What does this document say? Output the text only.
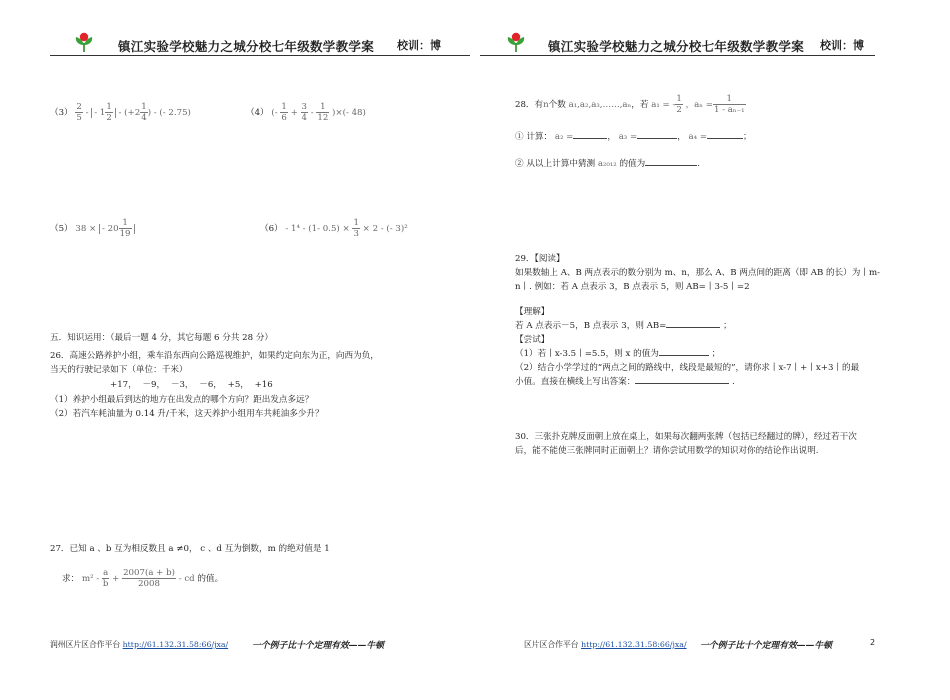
镇江实验学校魅力之城分校七年级数学教学案 校训：博	镇江实验学校魅力之城分校七年级数学教学案 校训：博
$(3) \frac{2}{5}$ - - $1 \frac{1}{2} - (+2 \frac{1}{4}$ ) - (- 2.75)	（4） (- $\frac{1}{6} + \frac{3}{4} - \frac{1}{12}$ )×(- 48)
（5） 38 × - $20 \frac{1}{19}$	（6） - 1⁴ - (1- $0.5) \times \frac{1}{3} \times 2$ - (- 3)²
五．知识运用：（最后一题 4 分，其它每题 6 分共 28 分）
26．高速公路养护小组，乘车沿东西向公路巡视维护，如果约定向东为正，向西为负，
当天的行驶记录如下（单位：千米）
+17， －9， －3， －6， +5， +16
（1）养护小组最后到达的地方在出发点的哪个方向？距出发点多远？
（2）若汽车耗油量为 0.14 升/千米，这天养护小组用车共耗油多少升？
27．已知 a 、b 互为相反数且 a ≠0， c 、d 互为倒数，m 的绝对值是 1
求： $m^2 - \frac{a}{b} + \frac{2007(a + b)}{2008}$ - cd 的值。
润州区片区合作平台 http://61.132.31.58:66/jxa/	一个例子比十个定理有效——牛顿
28．有n个数 a₁,a₂,a₃,……,aₙ，若 a₁ = - $\frac{1}{2}$ ，$a_n = \frac{1}{\text{1 - aₙ₋₁}}$
① 计算： a₂ =	， a₃ =	， a₄ =	；
② 从以上计算中猜测 a₂₀₁₂ 的值为	.
29．【阅读】
如果数轴上 A、B 两点表示的数分别为 m、n，那么 A、B 两点间的距离（即 AB 的长）为丨m-
n丨. 例如：若 A 点表示 3，B 点表示 5，则 AB=丨3-5丨=2
【理解】
若 A 点表示－5，B 点表示 3，则 AB=	；
【尝试】
（1）若丨x-3.5丨=5.5，则 x 的值为	；
（2）结合小学学过的“两点之间的路线中，线段是最短的”，请你求丨x-7丨+丨x+3丨的最
小值。直接在横线上写出答案：	.
30．三张扑克牌反面朝上放在桌上，如果每次翻两张牌（包括已经翻过的牌），经过若干次
后，能不能使三张牌同时正面朝上？请你尝试用数学的知识对你的结论作出说明.
区片区合作平台 http://61.132.31.58:66/jxa/ 一个例子比十个定理有效——牛顿	2
